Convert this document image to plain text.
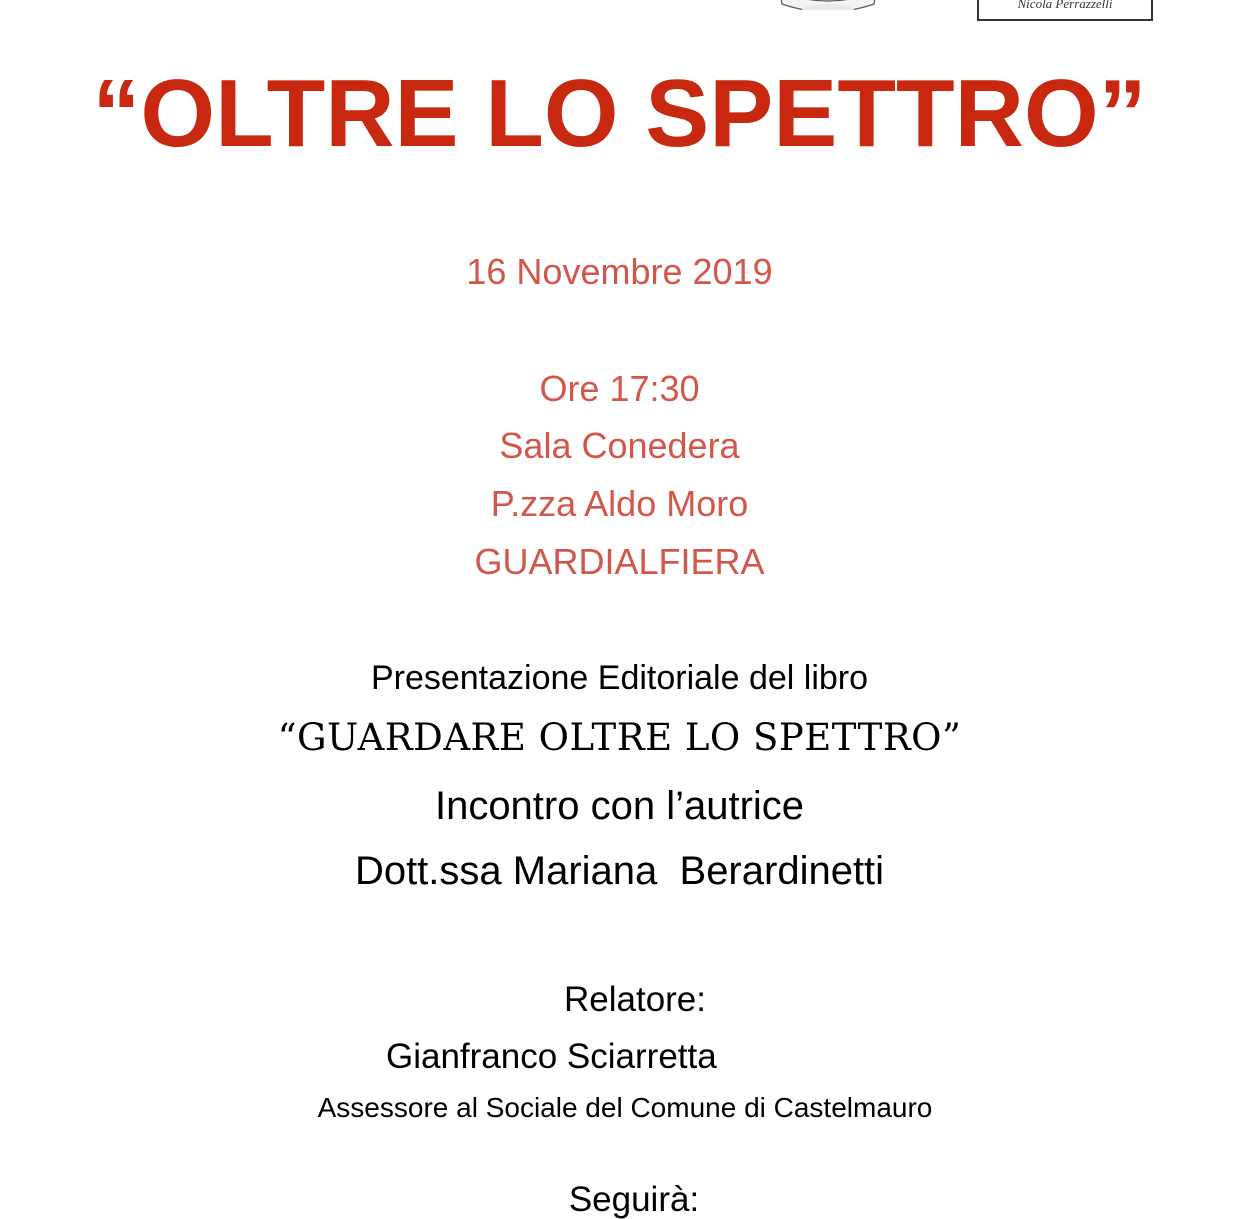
Nicola Perrazzelli
“OLTRE LO SPETTRO”
16 Novembre 2019
Ore 17:30
Sala Conedera
P.zza Aldo Moro
GUARDIALFIERA
Presentazione Editoriale del libro
“GUARDARE OLTRE LO SPETTRO”
Incontro con l’autrice
Dott.ssa Mariana  Berardinetti
Relatore:
Gianfranco Sciarretta
Assessore al Sociale del Comune di Castelmauro
Seguirà:
